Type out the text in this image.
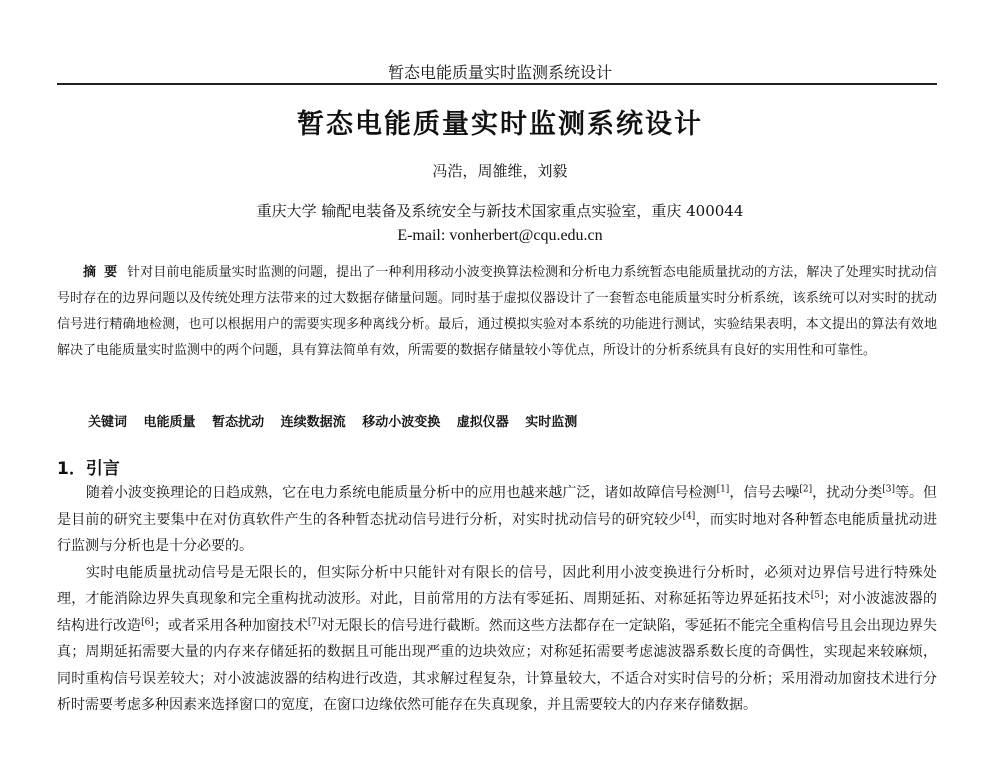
暂态电能质量实时监测系统设计
暂态电能质量实时监测系统设计
冯浩，周雒维，刘毅
重庆大学 输配电装备及系统安全与新技术国家重点实验室，重庆 400044
E-mail: vonherbert@cqu.edu.cn
摘要 针对目前电能质量实时监测的问题，提出了一种利用移动小波变换算法检测和分析电力系统暂态电能质量扰动的方法，解决了处理实时扰动信号时存在的边界问题以及传统处理方法带来的过大数据存储量问题。同时基于虚拟仪器设计了一套暂态电能质量实时分析系统，该系统可以对实时的扰动信号进行精确地检测，也可以根据用户的需要实现多种离线分析。最后，通过模拟实验对本系统的功能进行测试，实验结果表明，本文提出的算法有效地解决了电能质量实时监测中的两个问题，具有算法简单有效，所需要的数据存储量较小等优点，所设计的分析系统具有良好的实用性和可靠性。
关键词 电能质量 暂态扰动 连续数据流 移动小波变换 虚拟仪器 实时监测
1．引言

随着小波变换理论的日趋成熟，它在电力系统电能质量分析中的应用也越来越广泛，诸如故障信号检测[1]，信号去噪[2]，扰动分类[3]等。但是目前的研究主要集中在对仿真软件产生的各种暂态扰动信号进行分析，对实时扰动信号的研究较少[4]，而实时地对各种暂态电能质量扰动进行监测与分析也是十分必要的。

实时电能质量扰动信号是无限长的，但实际分析中只能针对有限长的信号，因此利用小波变换进行分析时，必须对边界信号进行特殊处理，才能消除边界失真现象和完全重构扰动波形。对此，目前常用的方法有零延拓、周期延拓、对称延拓等边界延拓技术[5]；对小波滤波器的结构进行改造[6]；或者采用各种加窗技术[7]对无限长的信号进行截断。然而这些方法都存在一定缺陷，零延拓不能完全重构信号且会出现边界失真；周期延拓需要大量的内存来存储延拓的数据且可能出现严重的边块效应；对称延拓需要考虑滤波器系数长度的奇偶性，实现起来较麻烦，同时重构信号误差较大；对小波滤波器的结构进行改造，其求解过程复杂，计算量较大，不适合对实时信号的分析；采用滑动加窗技术进行分析时需要考虑多种因素来选择窗口的宽度，在窗口边缘依然可能存在失真现象，并且需要较大的内存来存储数据。
